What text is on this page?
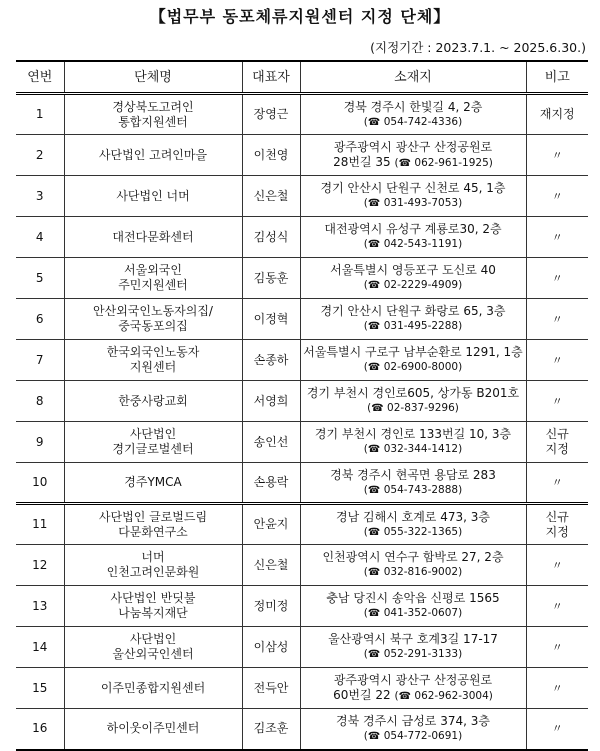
【법무부 동포체류지원센터 지정 단체】
(지정기간 : 2023.7.1. ~ 2025.6.30.)
연번	단체명	대표자	소재지	비고
1	경상북도고려인
통합지원센터	장영근	경북 경주시 한빛길 4, 2층
(☎ 054-742-4336)	재지정

2	사단법인 고려인마을	이천영	광주광역시 광산구 산정공원로
28번길 35 (☎ 062-961-1925)	〃

3	사단법인 너머	신은철	경기 안산시 단원구 신천로 45, 1층
(☎ 031-493-7053)	〃

4	대전다문화센터	김성식	대전광역시 유성구 계룡로30, 2층
(☎ 042-543-1191)	〃

5	서울외국인
주민지원센터	김동훈	서울특별시 영등포구 도신로 40
(☎ 02-2229-4909)	〃

6	안산외국인노동자의집/
중국동포의집	이정혁	경기 안산시 단원구 화랑로 65, 3층
(☎ 031-495-2288)	〃

7	한국외국인노동자
지원센터	손종하	서울특별시 구로구 남부순환로 1291, 1층
(☎ 02-6900-8000)	〃

8	한중사랑교회	서영희	경기 부천시 경인로605, 상가동 B201호
(☎ 02-837-9296)	〃

9	사단법인
경기글로벌센터	송인선	경기 부천시 경인로 133번길 10, 3층
(☎ 032-344-1412)	신규
지정

10	경주YMCA	손용락	경북 경주시 현곡면 용담로 283
(☎ 054-743-2888)	〃

11	사단법인 글로벌드림
다문화연구소	안윤지	경남 김해시 호계로 473, 3층
(☎ 055-322-1365)	신규
지정

12	너머
인천고려인문화원	신은철	인천광역시 연수구 함박로 27, 2층
(☎ 032-816-9002)	〃

13	사단법인 반딧불
나눔복지재단	정미정	충남 당진시 송악읍 신평로 1565
(☎ 041-352-0607)	〃

14	사단법인
울산외국인센터	이삼성	울산광역시 북구 호계3길 17-17
(☎ 052-291-3133)	〃

15	이주민종합지원센터	전득안	광주광역시 광산구 산정공원로
60번길 22 (☎ 062-962-3004)	〃

16	하이웃이주민센터	김조훈	경북 경주시 금성로 374, 3층
(☎ 054-772-0691)	〃
